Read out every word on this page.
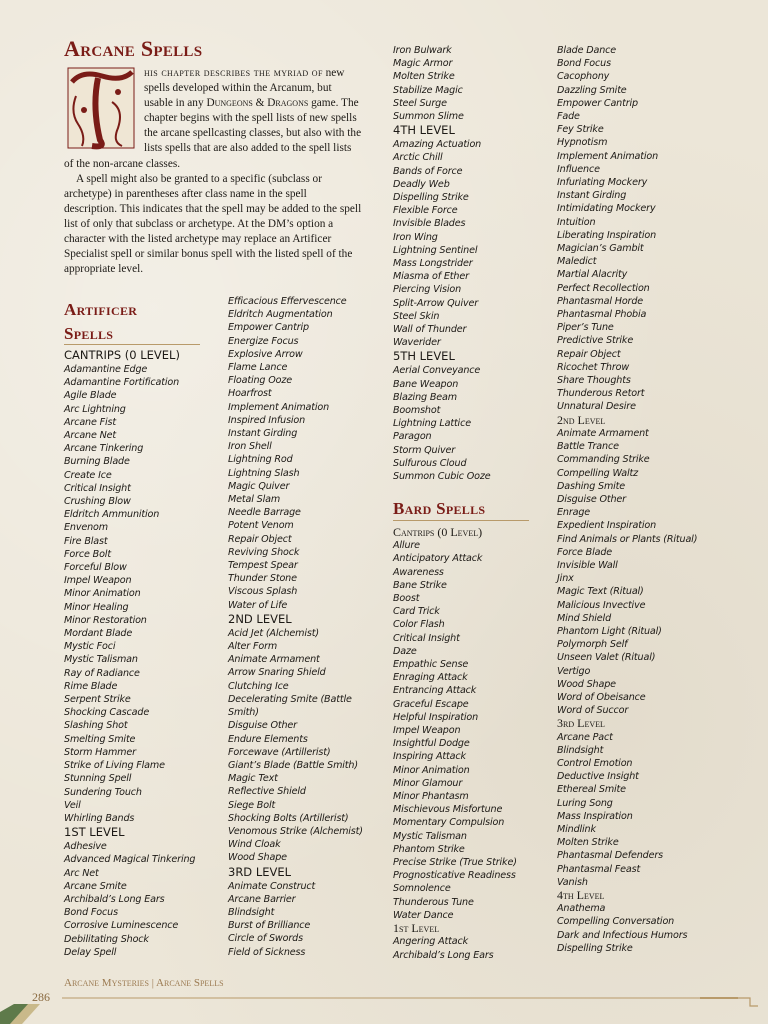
Arcane Spells

his chapter describes the myriad of new spells developed within the Arcanum, but usable in any Dungeons & Dragons game. The chapter begins with the spell lists of new spells the arcane spellcasting classes, but also with the lists spells that are also added to the spell lists of the non-arcane classes.

A spell might also be granted to a specific (subclass or archetype) in parentheses after class name in the spell description. This indicates that the spell may be added to the spell list of only that subclass or archetype. At the DM’s option a character with the listed archetype may replace an Artificer Specialist spell or similar bonus spell with the listed spell of the appropriate level.

Artificer
Spells
CANTRIPS (0 LEVEL)
Adamantine Edge
Adamantine Fortification
Agile Blade
Arc Lightning
Arcane Fist
Arcane Net
Arcane Tinkering
Burning Blade
Create Ice
Critical Insight
Crushing Blow
Eldritch Ammunition
Envenom
Fire Blast
Force Bolt
Forceful Blow
Impel Weapon
Minor Animation
Minor Healing
Minor Restoration
Mordant Blade
Mystic Foci
Mystic Talisman
Ray of Radiance
Rime Blade
Serpent Strike
Shocking Cascade
Slashing Shot
Smelting Smite
Storm Hammer
Strike of Living Flame
Stunning Spell
Sundering Touch
Veil
Whirling Bands
1ST LEVEL
Adhesive
Advanced Magical Tinkering
Arc Net
Arcane Smite
Archibald’s Long Ears
Bond Focus
Corrosive Luminescence
Debilitating Shock
Delay Spell
Efficacious Effervescence
Eldritch Augmentation
Empower Cantrip
Energize Focus
Explosive Arrow
Flame Lance
Floating Ooze
Hoarfrost
Implement Animation
Inspired Infusion
Instant Girding
Iron Shell
Lightning Rod
Lightning Slash
Magic Quiver
Metal Slam
Needle Barrage
Potent Venom
Repair Object
Reviving Shock
Tempest Spear
Thunder Stone
Viscous Splash
Water of Life
2ND LEVEL
Acid Jet (Alchemist)
Alter Form
Animate Armament
Arrow Snaring Shield
Clutching Ice
Decelerating Smite (Battle
Smith)
Disguise Other
Endure Elements
Forcewave (Artillerist)
Giant’s Blade (Battle Smith)
Magic Text
Reflective Shield
Siege Bolt
Shocking Bolts (Artillerist)
Venomous Strike (Alchemist)
Wind Cloak
Wood Shape
3RD LEVEL
Animate Construct
Arcane Barrier
Blindsight
Burst of Brilliance
Circle of Swords
Field of Sickness
Iron Bulwark
Magic Armor
Molten Strike
Stabilize Magic
Steel Surge
Summon Slime
4TH LEVEL
Amazing Actuation
Arctic Chill
Bands of Force
Deadly Web
Dispelling Strike
Flexible Force
Invisible Blades
Iron Wing
Lightning Sentinel
Mass Longstrider
Miasma of Ether
Piercing Vision
Split-Arrow Quiver
Steel Skin
Wall of Thunder
Waverider
5TH LEVEL
Aerial Conveyance
Bane Weapon
Blazing Beam
Boomshot
Lightning Lattice
Paragon
Storm Quiver
Sulfurous Cloud
Summon Cubic Ooze
Bard Spells
Cantrips (0 Level)
Allure
Anticipatory Attack
Awareness
Bane Strike
Boost
Card Trick
Color Flash
Critical Insight
Daze
Empathic Sense
Enraging Attack
Entrancing Attack
Graceful Escape
Helpful Inspiration
Impel Weapon
Insightful Dodge
Inspiring Attack
Minor Animation
Minor Glamour
Minor Phantasm
Mischievous Misfortune
Momentary Compulsion
Mystic Talisman
Phantom Strike
Precise Strike (True Strike)
Prognosticative Readiness
Somnolence
Thunderous Tune
Water Dance
1st Level
Angering Attack
Archibald’s Long Ears
Blade Dance
Bond Focus
Cacophony
Dazzling Smite
Empower Cantrip
Fade
Fey Strike
Hypnotism
Implement Animation
Influence
Infuriating Mockery
Instant Girding
Intimidating Mockery
Intuition
Liberating Inspiration
Magician’s Gambit
Maledict
Martial Alacrity
Perfect Recollection
Phantasmal Horde
Phantasmal Phobia
Piper’s Tune
Predictive Strike
Repair Object
Ricochet Throw
Share Thoughts
Thunderous Retort
Unnatural Desire
2nd Level
Animate Armament
Battle Trance
Commanding Strike
Compelling Waltz
Dashing Smite
Disguise Other
Enrage
Expedient Inspiration
Find Animals or Plants (Ritual)
Force Blade
Invisible Wall
Jinx
Magic Text (Ritual)
Malicious Invective
Mind Shield
Phantom Light (Ritual)
Polymorph Self
Unseen Valet (Ritual)
Vertigo
Wood Shape
Word of Obeisance
Word of Succor
3rd Level
Arcane Pact
Blindsight
Control Emotion
Deductive Insight
Ethereal Smite
Luring Song
Mass Inspiration
Mindlink
Molten Strike
Phantasmal Defenders
Phantasmal Feast
Vanish
4th Level
Anathema
Compelling Conversation
Dark and Infectious Humors
Dispelling Strike
Arcane Mysteries | Arcane Spells
286
